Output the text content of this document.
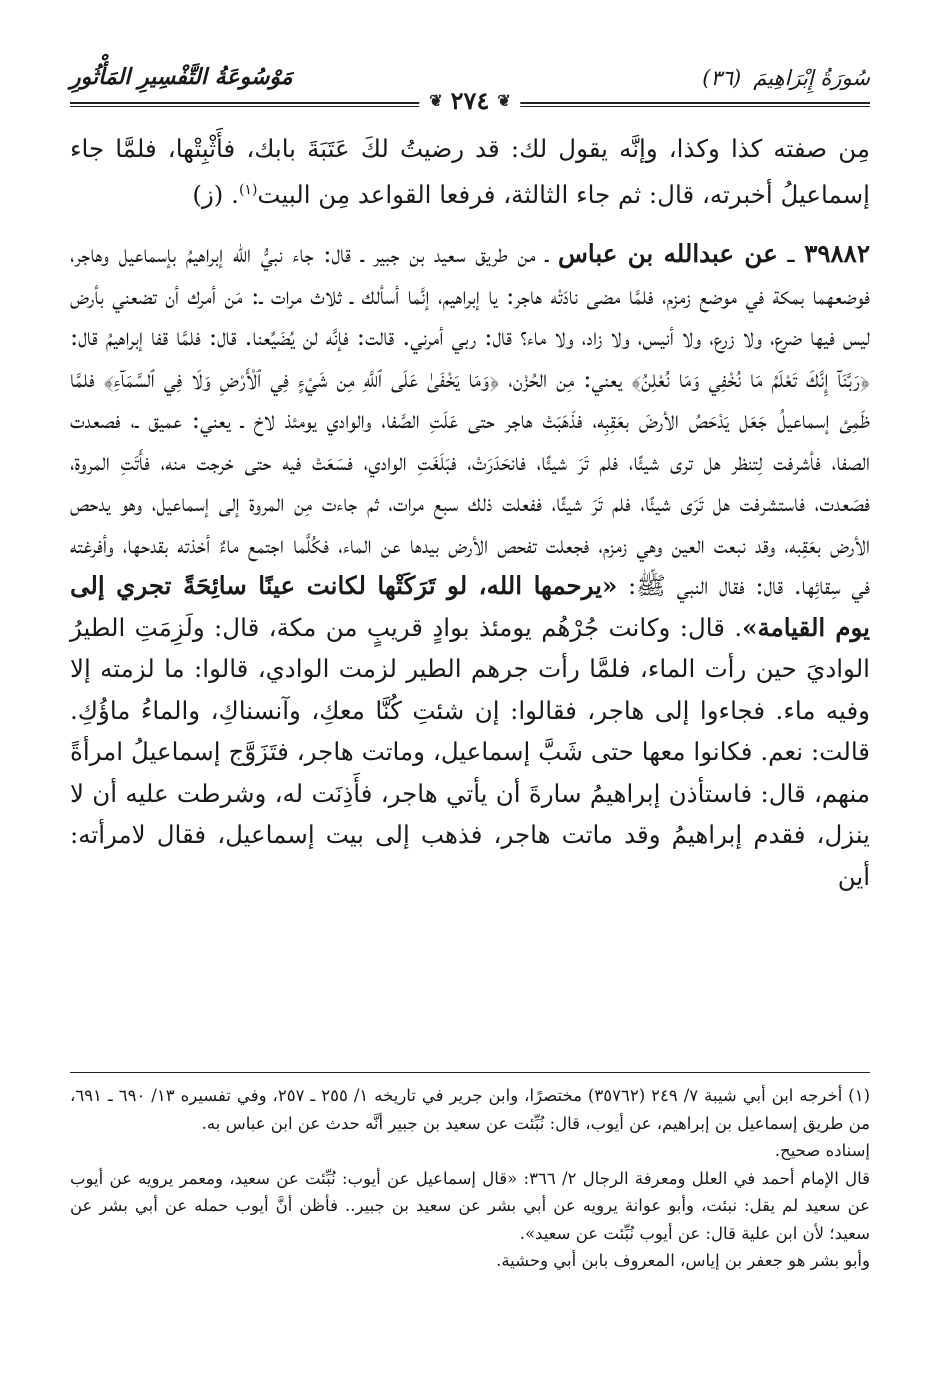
سُورَةُ إِبْرَاهِيمَ
(٣٦)
مَوْسُوعَةُ التَّفْسِيرِ المَأْثُورِ
❦ ٢٧٤ ❦

مِن صفته كذا وكذا، وإنَّه يقول لك: قد رضيتُ لكَ عَتَبَةَ بابك، فأَثْبِتْها، فلمَّا جاء إسماعيلُ أخبرته، قال: ثم جاء الثالثة، فرفعا القواعد مِن البيت$^{(١)}$. (ز)

٣٩٨٨٢ ـ عن عبدالله بن عباس ـ من طريق سعيد بن جبير ـ قال: جاء نبيُّ الله إبراهيمُ بإسماعيل وهاجر، فوضعهما بمكة في موضع زمزم، فلمَّا مضى نادَتْه هاجر: يا إبراهيم، إنَّما أسألك ـ ثلاث مرات ـ: مَن أمرك أن تضعني بأرض ليس فيها ضرع، ولا زرع، ولا أنيس، ولا زاد، ولا ماء؟ قال: ربي أمرني. قالت: فإنَّه لن يُضَيِّعنا. قال: فلمَّا قفا إبراهيمُ قال: ﴿رَبَّنَآ إِنَّكَ تَعْلَمُ مَا نُخْفِي وَمَا نُعْلِنُ﴾ يعني: مِن الحُزْن، ﴿وَمَا يَخْفَىٰ عَلَى ٱللَّهِ مِن شَيْءٍ فِي ٱلْأَرْضِ وَلَا فِي ٱلسَّمَآءِ﴾ فلمَّا ظَمِئ إسماعيلُ جَعَل يَدْحَصُ الأرضَ بعَقِبِه، فذَهَبَتْ هاجر حتى عَلَتِ الصَّفا، والوادي يومئذ لاخ ـ يعني: عميق ـ، فصعدت الصفا، فأشرفت لِتنظر هل ترى شيئًا، فلم تَرَ شيئًا، فانحَدَرَتْ، فبَلَغَتِ الوادي، فسَعَتْ فيه حتى خرجت منه، فأَتَتِ المروة، فصَعدت، فاستشرفت هل تَرَى شيئًا، فلم تَرَ شيئًا، ففعلت ذلك سبع مرات، ثم جاءت مِن المروة إلى إسماعيل، وهو يدحص الأرض بعَقِبه، وقد نبعت العين وهي زمزم، فجعلت تفحص الأرض بيدها عن الماء، فكُلَّما اجتمع ماءٌ أخذته بقدحها، وأفرغته في سِقائِها. قال: فقال النبي ﷺ: «يرحمها الله، لو تَرَكَتْها لكانت عينًا سائِحَةً تجري إلى يوم القيامة». قال: وكانت جُرْهُم يومئذ بوادٍ قريبٍ من مكة، قال: ولَزِمَتِ الطيرُ الواديَ حين رأت الماء، فلمَّا رأت جرهم الطير لزمت الوادي، قالوا: ما لزمته إلا وفيه ماء. فجاءوا إلى هاجر، فقالوا: إن شئتِ كُنَّا معكِ، وآنسناكِ، والماءُ ماؤُكِ. قالت: نعم. فكانوا معها حتى شَبَّ إسماعيل، وماتت هاجر، فتَزَوَّج إسماعيلُ امرأةً منهم، قال: فاستأذن إبراهيمُ سارةَ أن يأتي هاجر، فأَذِنَت له، وشرطت عليه أن لا ينزل، فقدم إبراهيمُ وقد ماتت هاجر، فذهب إلى بيت إسماعيل، فقال لامرأته: أين

(١) أخرجه ابن أبي شيبة ٧/ ٢٤٩ (٣٥٧٦٢) مختصرًا، وابن جرير في تاريخه ١/ ٢٥٥ ـ ٢٥٧، وفي تفسيره ١٣/ ٦٩٠ ـ ٦٩١، من طريق إسماعيل بن إبراهيم، عن أيوب، قال: نُبِّئت عن سعيد بن جبير أنَّه حدث عن ابن عباس به.

إسناده صحيح.

قال الإمام أحمد في العلل ومعرفة الرجال ٢/ ٣٦٦: «قال إسماعيل عن أيوب: نُبِّئت عن سعيد، ومعمر يرويه عن أيوب عن سعيد لم يقل: نبئت، وأبو عوانة يرويه عن أبي بشر عن سعيد بن جبير.. فأظن أنَّ أيوب حمله عن أبي بشر عن سعيد؛ لأن ابن علية قال: عن أيوب نُبِّئت عن سعيد».

وأبو بشر هو جعفر بن إياس، المعروف بابن أبي وحشية.
